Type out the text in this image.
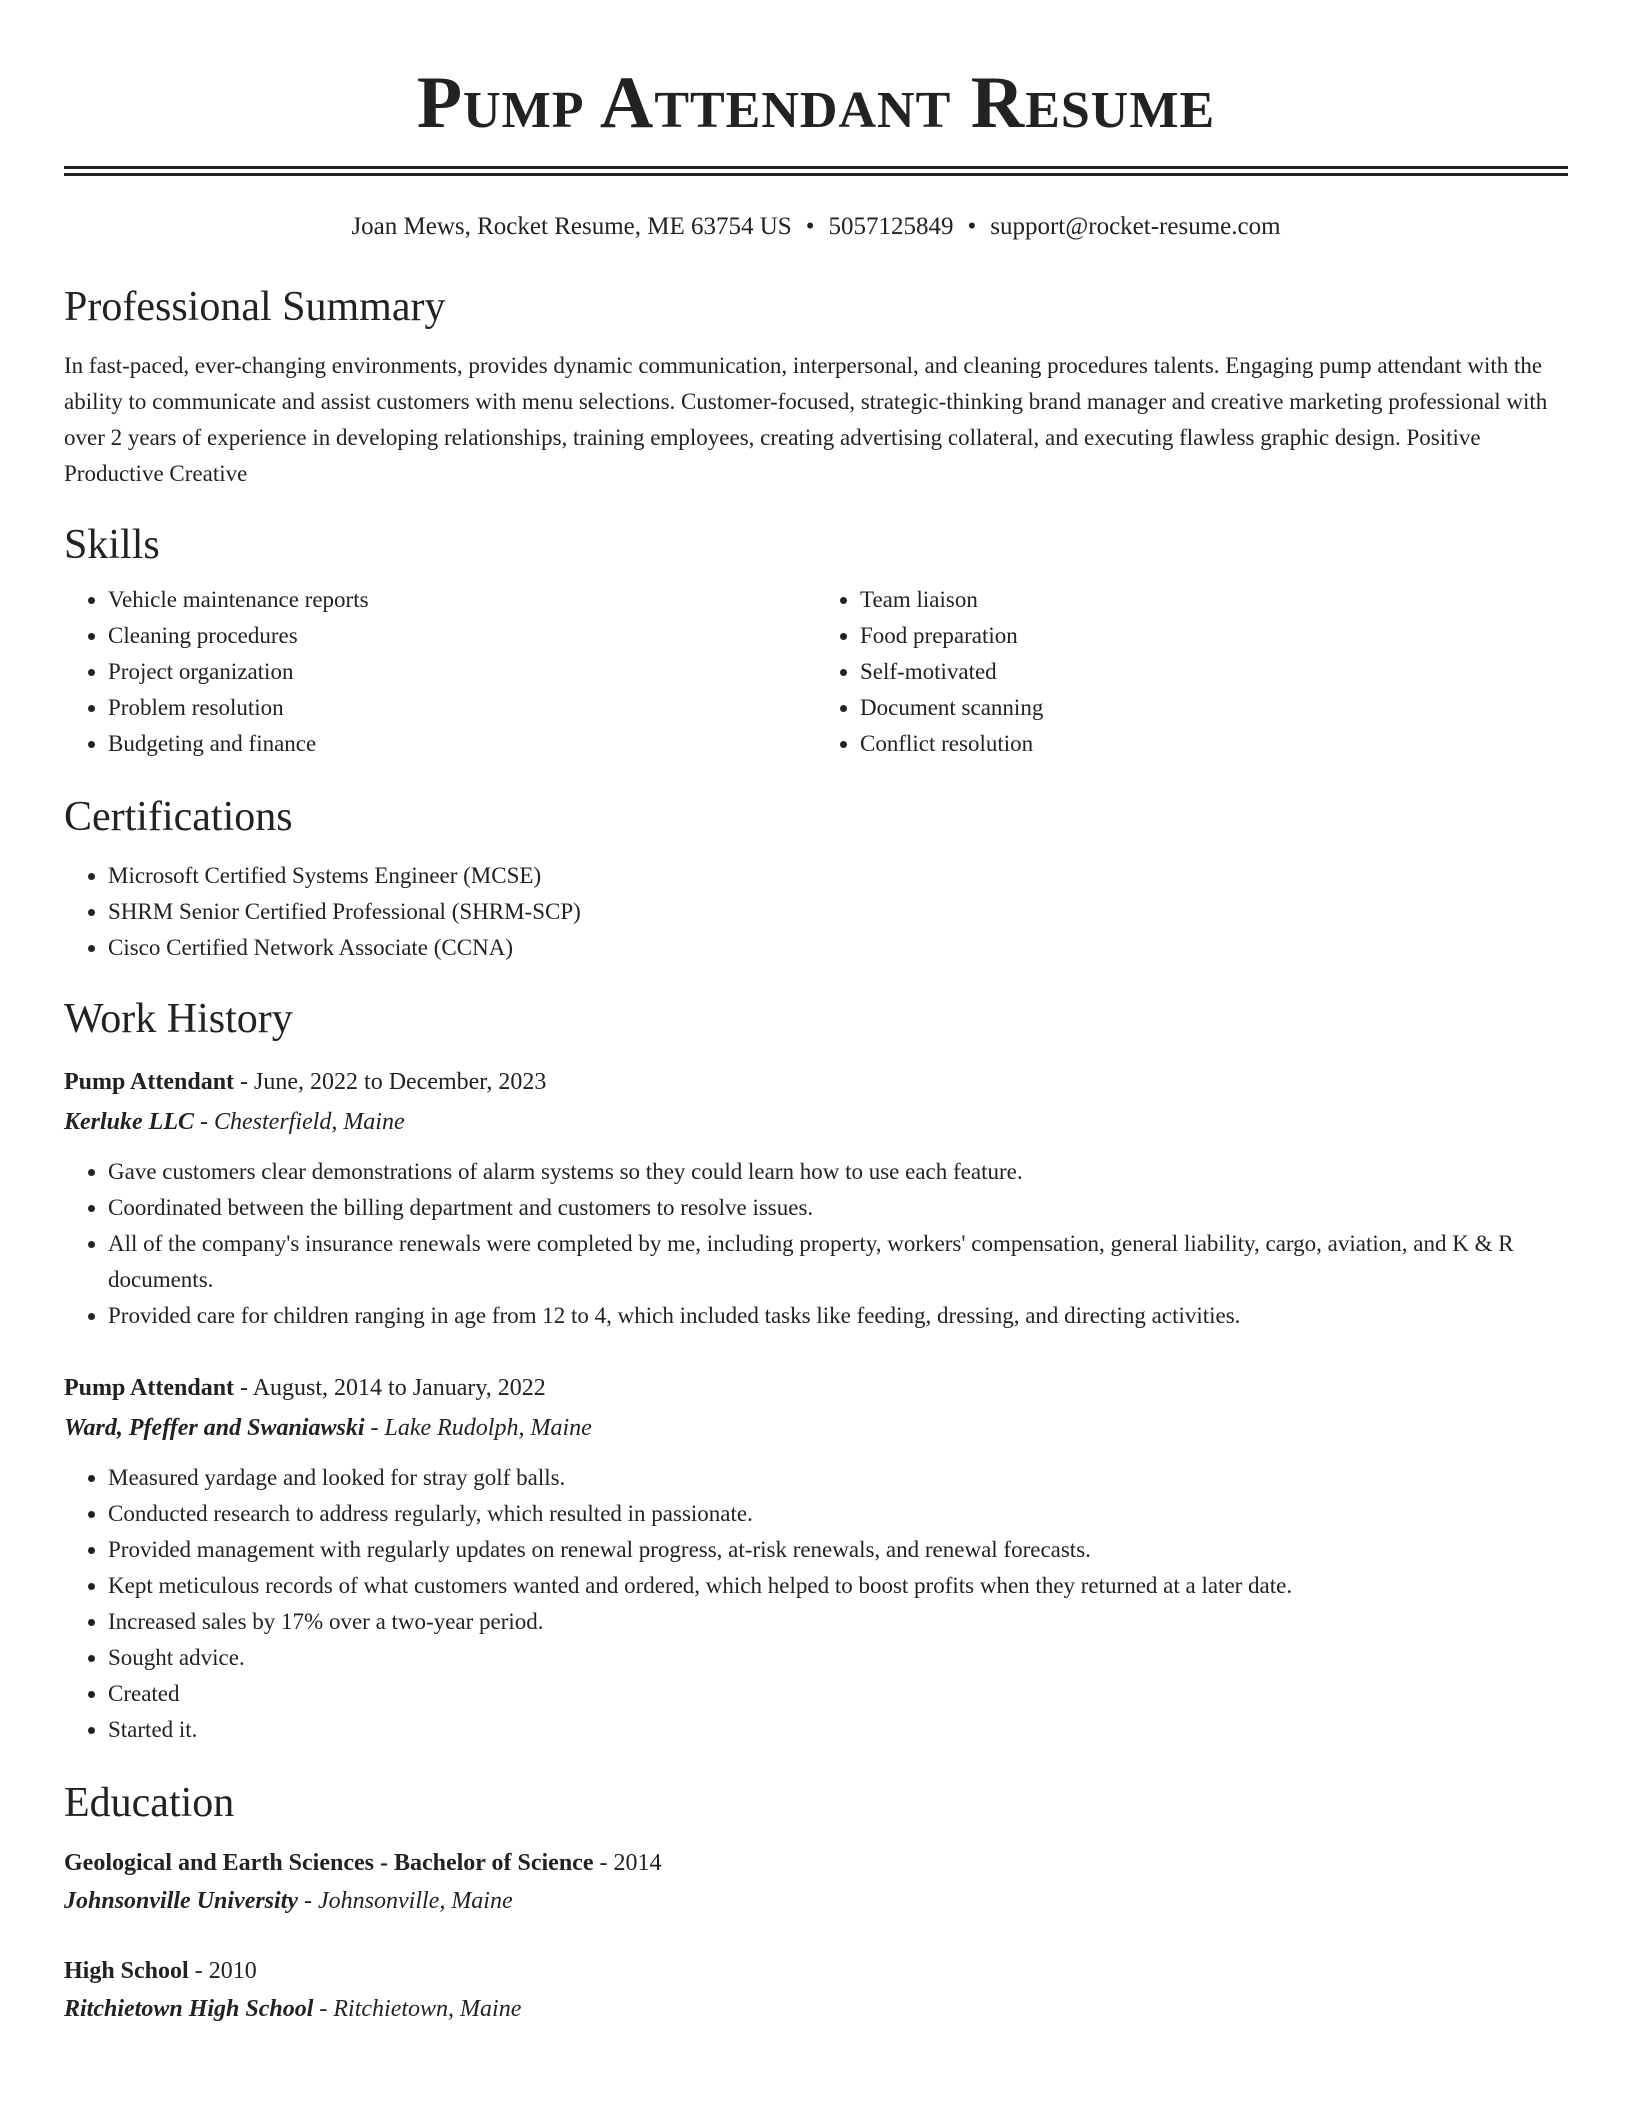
Pump Attendant Resume
Joan Mews, Rocket Resume, ME 63754 US • 5057125849 • support@rocket-resume.com
Professional Summary

In fast-paced, ever-changing environments, provides dynamic communication, interpersonal, and cleaning procedures talents. Engaging pump attendant with the ability to communicate and assist customers with menu selections. Customer-focused, strategic-thinking brand manager and creative marketing professional with over 2 years of experience in developing relationships, training employees, creating advertising collateral, and executing flawless graphic design. Positive Productive Creative

Skills
• Vehicle maintenance reports
• Cleaning procedures
• Project organization
• Problem resolution
• Budgeting and finance
• Team liaison
• Food preparation
• Self-motivated
• Document scanning
• Conflict resolution
Certifications
• Microsoft Certified Systems Engineer (MCSE)
• SHRM Senior Certified Professional (SHRM-SCP)
• Cisco Certified Network Associate (CCNA)
Work History
Pump Attendant - June, 2022 to December, 2023
Kerluke LLC - Chesterfield, Maine
• Gave customers clear demonstrations of alarm systems so they could learn how to use each feature.
• Coordinated between the billing department and customers to resolve issues.
• All of the company's insurance renewals were completed by me, including property, workers' compensation, general liability, cargo, aviation, and K & R documents.
• Provided care for children ranging in age from 12 to 4, which included tasks like feeding, dressing, and directing activities.
Pump Attendant - August, 2014 to January, 2022
Ward, Pfeffer and Swaniawski - Lake Rudolph, Maine
• Measured yardage and looked for stray golf balls.
• Conducted research to address regularly, which resulted in passionate.
• Provided management with regularly updates on renewal progress, at-risk renewals, and renewal forecasts.
• Kept meticulous records of what customers wanted and ordered, which helped to boost profits when they returned at a later date.
• Increased sales by 17% over a two-year period.
• Sought advice.
• Created
• Started it.
Education
Geological and Earth Sciences - Bachelor of Science - 2014
Johnsonville University - Johnsonville, Maine
High School - 2010
Ritchietown High School - Ritchietown, Maine
